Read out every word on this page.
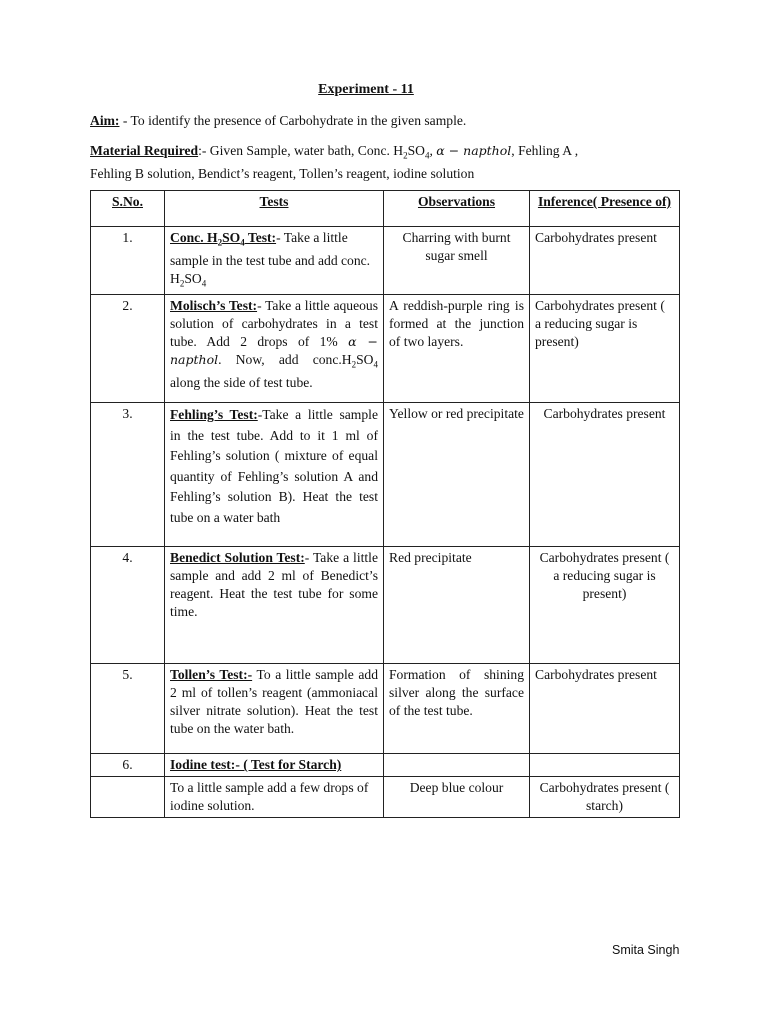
Experiment - 11
Aim: - To identify the presence of Carbohydrate in the given sample.
Material Required:- Given Sample, water bath, Conc. $H_2SO_4$, α − napthol, Fehling A ,
Fehling B solution, Bendict’s reagent, Tollen’s reagent, iodine solution
S.No.	Tests	Observations	Inference( Presence of)
1.	Conc. $H_2SO_4$ Test:- Take a little sample in the test tube and add conc. $H_2SO_4$	Charring with burnt sugar smell	Carbohydrates present
2.	Molisch’s Test:- Take a little aqueous solution of carbohydrates in a test tube. Add 2 drops of 1% α − napthol. Now, add $conc.H_2SO_4$ along the side of test tube.	A reddish-purple ring is formed at the junction of two layers.	Carbohydrates present ( a reducing sugar is present)
3.	Fehling’s Test:-Take a little sample in the test tube. Add to it 1 ml of Fehling’s solution ( mixture of equal quantity of Fehling’s solution A and Fehling’s solution B). Heat the test tube on a water bath	Yellow or red precipitate	Carbohydrates present
4.	Benedict Solution Test:- Take a little sample and add 2 ml of Benedict’s reagent. Heat the test tube for some time.	Red precipitate	Carbohydrates present ( a reducing sugar is present)
5.	Tollen’s Test:- To a little sample add 2 ml of tollen’s reagent (ammoniacal silver nitrate solution). Heat the test tube on the water bath.	Formation of shining silver along the surface of the test tube.	Carbohydrates present
6.	Iodine test:- ( Test for Starch)		
	To a little sample add a few drops of iodine solution.	Deep blue colour	Carbohydrates present ( starch)
Smita Singh
